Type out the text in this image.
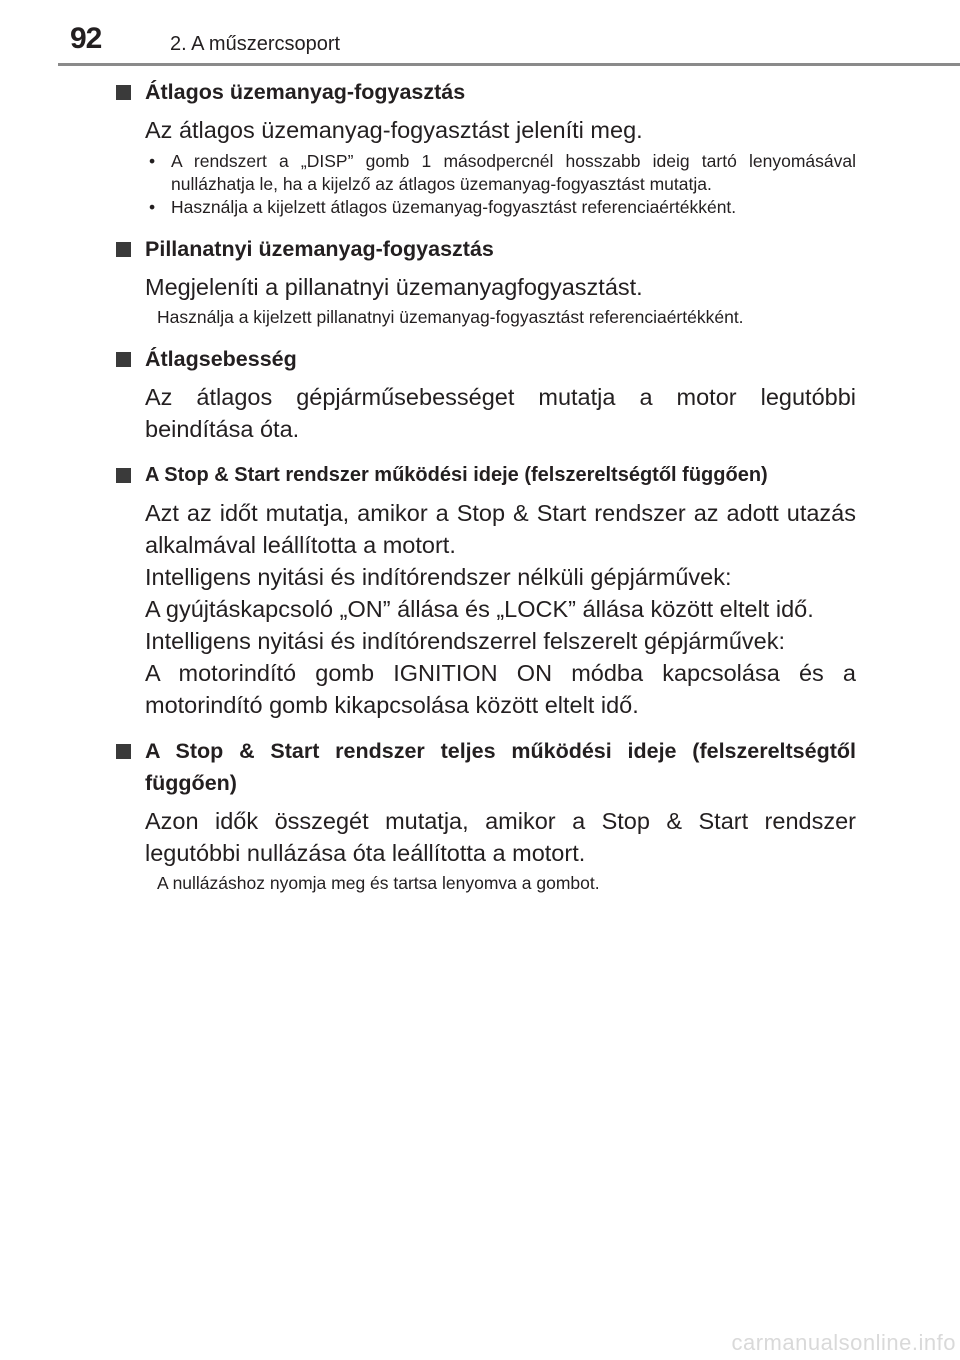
92	2. A műszercsoport
Átlagos üzemanyag-fogyasztás
Az átlagos üzemanyag-fogyasztást jeleníti meg.
• A rendszert a „DISP” gomb 1 másodpercnél hosszabb ideig tartó lenyomásával nullázhatja le, ha a kijelző az átlagos üzemanyag-fogyasztást mutatja.
• Használja a kijelzett átlagos üzemanyag-fogyasztást referenciaértékként.
Pillanatnyi üzemanyag-fogyasztás
Megjeleníti a pillanatnyi üzemanyagfogyasztást.
Használja a kijelzett pillanatnyi üzemanyag-fogyasztást referenciaértékként.
Átlagsebesség
Az átlagos gépjárműsebességet mutatja a motor legutóbbi beindítása óta.
A Stop & Start rendszer működési ideje (felszereltségtől függően)
Azt az időt mutatja, amikor a Stop & Start rendszer az adott utazás alkalmával leállította a motort.
Intelligens nyitási és indítórendszer nélküli gépjárművek:
A gyújtáskapcsoló „ON” állása és „LOCK” állása között eltelt idő.
Intelligens nyitási és indítórendszerrel felszerelt gépjárművek:
A motorindító gomb IGNITION ON módba kapcsolása és a motorindító gomb kikapcsolása között eltelt idő.
A Stop & Start rendszer teljes működési ideje (felszereltségtől függően)
Azon idők összegét mutatja, amikor a Stop & Start rendszer legutóbbi nullázása óta leállította a motort.
A nullázáshoz nyomja meg és tartsa lenyomva a gombot.
carmanualsonline.info
